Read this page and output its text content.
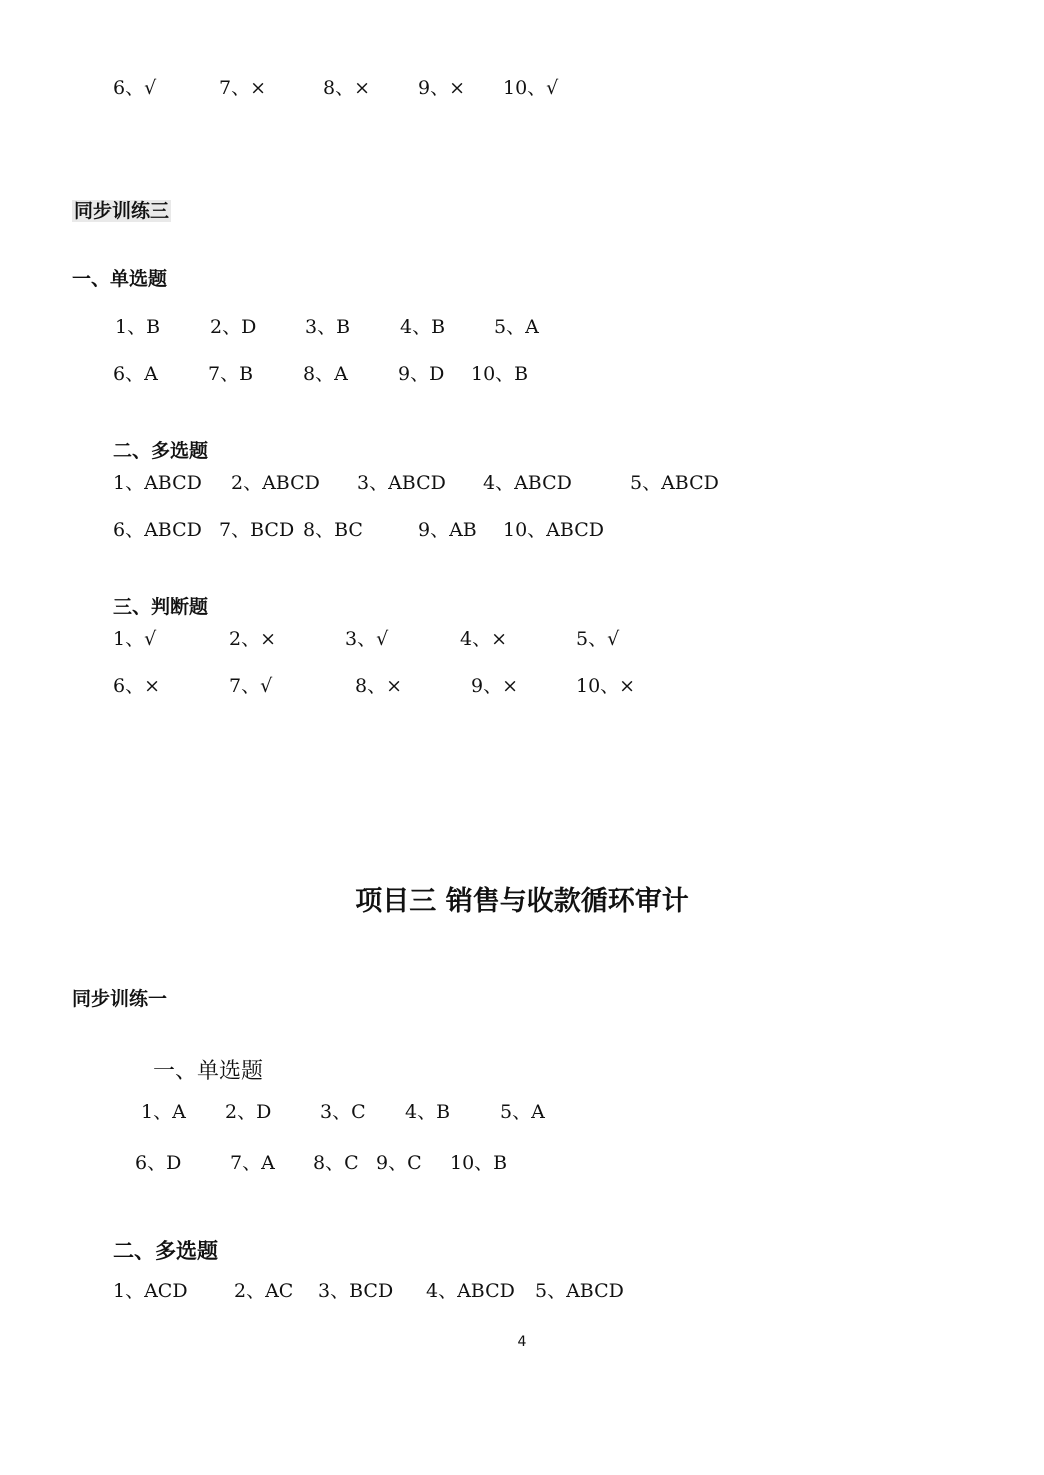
6、√	7、×	8、×	9、× 10、√
同步训练三
一、单选题
1、B	2、D	3、B	4、B	5、A
6、A	7、B	8、A	9、D 10、B
二、多选题
1、ABCD 2、ABCD 3、ABCD 4、ABCD	5、ABCD
6、ABCD 7、BCD 8、BC	9、AB 10、ABCD
三、判断题
1、√	2、×	3、√	4、×	5、√
6、×	7、√	8、×	9、×	10、×
项目三 销售与收款循环审计
同步训练一
一、单选题
1、A 2、D	3、C 4、B	5、A
6、D	7、A 8、C 9、C 10、B
二、多选题
1、ACD 2、AC 3、BCD 4、ABCD 5、ABCD
4
